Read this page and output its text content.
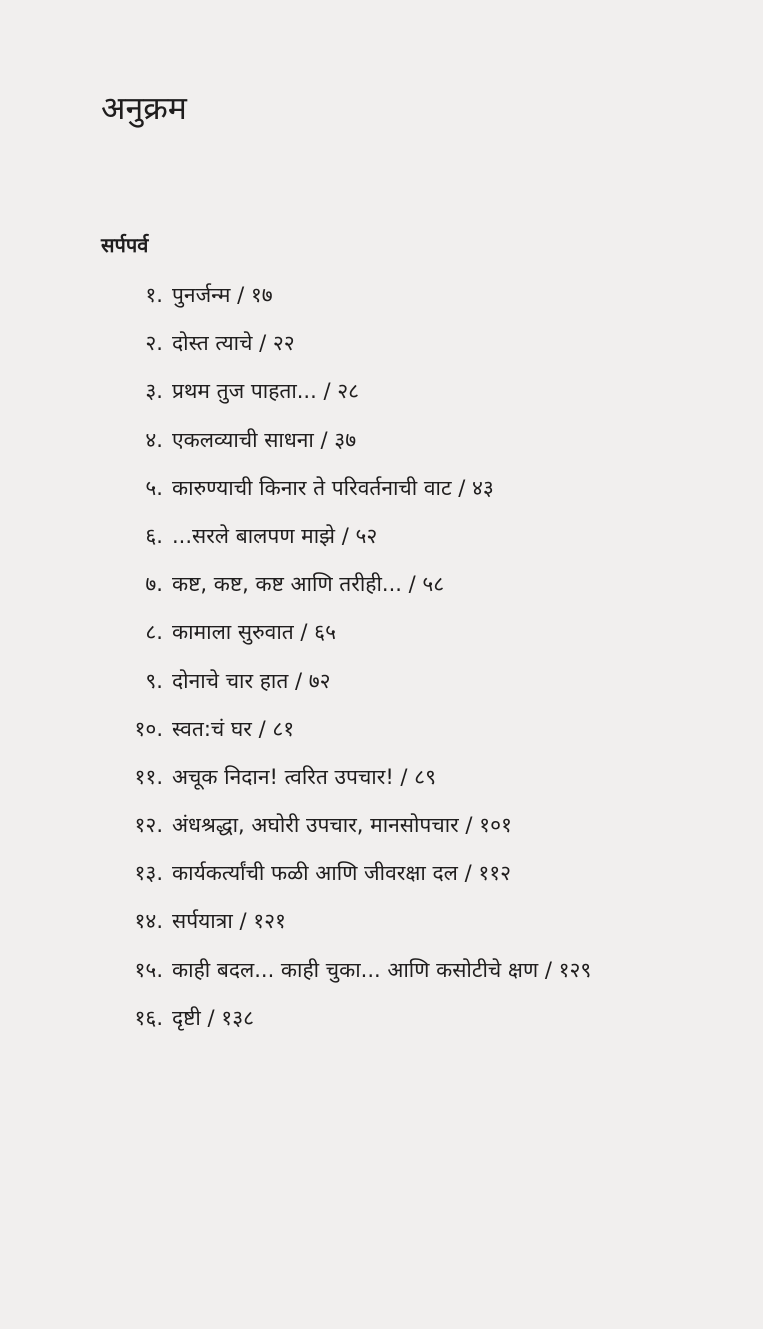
अनुक्रम
सर्पपर्व
१. पुनर्जन्म / १७
२. दोस्त त्याचे / २२
३. प्रथम तुज पाहता... / २८
४. एकलव्याची साधना / ३७
५. कारुण्याची किनार ते परिवर्तनाची वाट / ४३
६. ...सरले बालपण माझे / ५२
७. कष्ट, कष्ट, कष्ट आणि तरीही... / ५८
८. कामाला सुरुवात / ६५
९. दोनाचे चार हात / ७२
१०. स्वत:चं घर / ८१
११. अचूक निदान! त्वरित उपचार! / ८९
१२. अंधश्रद्धा, अघोरी उपचार, मानसोपचार / १०१
१३. कार्यकर्त्यांची फळी आणि जीवरक्षा दल / ११२
१४. सर्पयात्रा / १२१
१५. काही बदल... काही चुका... आणि कसोटीचे क्षण / १२९
१६. दृष्टी / १३८
